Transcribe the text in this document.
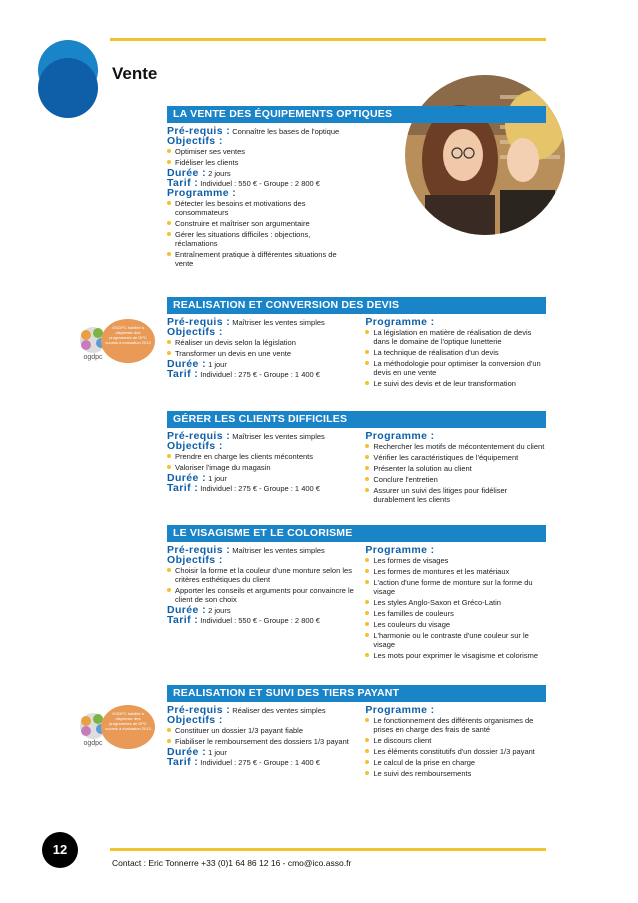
Vente
LA VENTE DES ÉQUIPEMENTS OPTIQUES
Pré-requis : Connaître les bases de l'optique
Objectifs :
Optimiser ses ventes
Fidéliser les clients
Durée : 2 jours
Tarif : Individuel : 550 € - Groupe : 2 800 €
Programme :
Détecter les besoins et motivations des consommateurs
Construire et maîtriser son argumentaire
Gérer les situations difficiles : objections, réclamations
Entraînement pratique à différentes situations de vente
REALISATION ET CONVERSION DES DEVIS
ogdpc
OGDPC habilité à dispenser des programmes de DPC soumis à évaluation 2013
Pré-requis : Maîtriser les ventes simples
Objectifs :
Réaliser un devis selon la législation
Transformer un devis en une vente
Durée : 1 jour
Tarif : Individuel : 275 € - Groupe : 1 400 €
Programme :
La législation en matière de réalisation de devis dans le domaine de l'optique lunetterie
La technique de réalisation d'un devis
La méthodologie pour optimiser la conversion d'un devis en une vente
Le suivi des devis et de leur transformation
GÉRER LES CLIENTS DIFFICILES
Pré-requis : Maîtriser les ventes simples
Objectifs :
Prendre en charge les clients mécontents
Valoriser l'image du magasin
Durée : 1 jour
Tarif : Individuel : 275 € - Groupe : 1 400 €
Programme :
Rechercher les motifs de mécontentement du client
Vérifier les caractéristiques de l'équipement
Présenter la solution au client
Conclure l'entretien
Assurer un suivi des litiges pour fidéliser durablement les clients
LE VISAGISME ET LE COLORISME
Pré-requis : Maîtriser les ventes simples
Objectifs :
Choisir la forme et la couleur d'une monture selon les critères esthétiques du client
Apporter les conseils et arguments pour convaincre le client de son choix
Durée : 2 jours
Tarif : Individuel : 550 € - Groupe : 2 800 €
Programme :
Les formes de visages
Les formes de montures et les matériaux
L'action d'une forme de monture sur la forme du visage
Les styles Anglo-Saxon et Gréco-Latin
Les familles de couleurs
Les couleurs du visage
L'harmonie ou le contraste d'une couleur sur le visage
Les mots pour exprimer le visagisme et colorisme
REALISATION ET SUIVI DES TIERS PAYANT
ogdpc
OGDPC habilité à dispenser des programmes de DPC soumis à évaluation 2013
Pré-requis : Réaliser des ventes simples
Objectifs :
Constituer un dossier 1/3 payant fiable
Fiabiliser le remboursement des dossiers 1/3 payant
Durée : 1 jour
Tarif : Individuel : 275 € - Groupe : 1 400 €
Programme :
Le fonctionnement des différents organismes de prises en charge des frais de santé
Le discours client
Les éléments constitutifs d'un dossier 1/3 payant
Le calcul de la prise en charge
Le suivi des remboursements
12
Contact : Eric Tonnerre +33 (0)1 64 86 12 16 - cmo@ico.asso.fr
